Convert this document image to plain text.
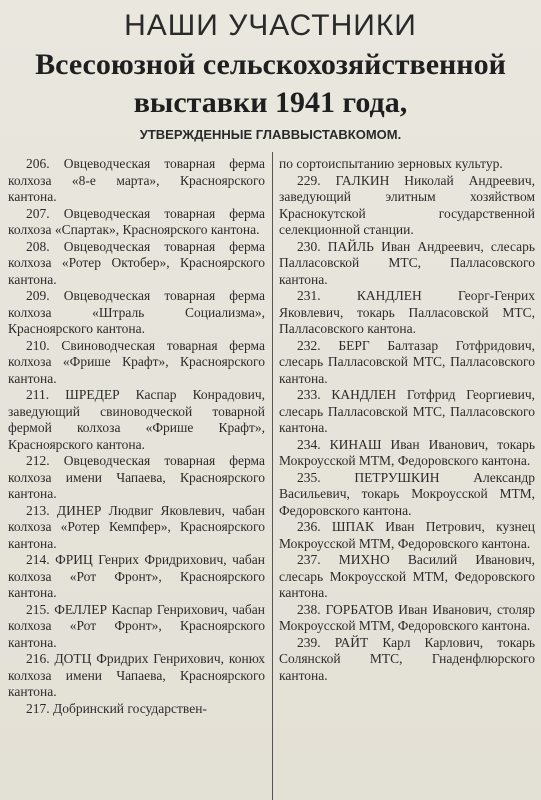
НАШИ УЧАСТНИКИ
Всесоюзной сельскохозяйственной
выставки 1941 года,
УТВЕРЖДЕННЫЕ ГЛАВВЫСТАВКОМОМ.

206. Овцеводческая товарная ферма колхоза «8-е марта», Красноярского кантона.

207. Овцеводческая товарная ферма колхоза «Спартак», Красноярского кантона.

208. Овцеводческая товарная ферма колхоза «Ротер Октобер», Красноярского кантона.

209. Овцеводческая товарная ферма колхоза «Штраль Социализма», Красноярского кантона.

210. Свиноводческая товарная ферма колхоза «Фрише Крафт», Красноярского кантона.

211. ШРЕДЕР Каспар Конрадович, заведующий свиноводческой товарной фермой колхоза «Фрише Крафт», Красноярского кантона.

212. Овцеводческая товарная ферма колхоза имени Чапаева, Красноярского кантона.

213. ДИНЕР Людвиг Яковлевич, чабан колхоза «Ротер Кемпфер», Красноярского кантона.

214. ФРИЦ Генрих Фридрихович, чабан колхоза «Рот Фронт», Красноярского кантона.

215. ФЕЛЛЕР Каспар Генрихович, чабан колхоза «Рот Фронт», Красноярского кантона.

216. ДОТЦ Фридрих Генрихович, конюх колхоза имени Чапаева, Красноярского кантона.

217. Добринский государствен-

по сортоиспытанию зерновых культур.

229. ГАЛКИН Николай Андреевич, заведующий элитным хозяйством Краснокутской государственной селекционной станции.

230. ПАЙЛЬ Иван Андреевич, слесарь Палласовской МТС, Палласовского кантона.

231.	КАНДЛЕН Георг-Генрих Яковлевич, токарь Палласовской МТС, Палласовского кантона.

232. БЕРГ Балтазар Готфридович, слесарь Палласовской МТС, Палласовского кантона.

233. КАНДЛЕН Готфрид Георгиевич, слесарь Палласовской МТС, Палласовского кантона.

234. КИНАШ Иван Иванович, токарь Мокроусской МТМ, Федоровского кантона.

235.	ПЕТРУШКИН Александр Васильевич, токарь Мокроусской МТМ, Федоровского кантона.

236. ШПАК Иван Петрович, кузнец Мокроусской МТМ, Федоровского кантона.

237. МИХНО Василий Иванович, слесарь Мокроусской МТМ, Федоровского кантона.

238. ГОРБАТОВ Иван Иванович, столяр Мокроусской МТМ, Федоровского кантона.

239. РАЙТ Карл Карлович, токарь Солянской МТС, Гнаденфлюрского кантона.
